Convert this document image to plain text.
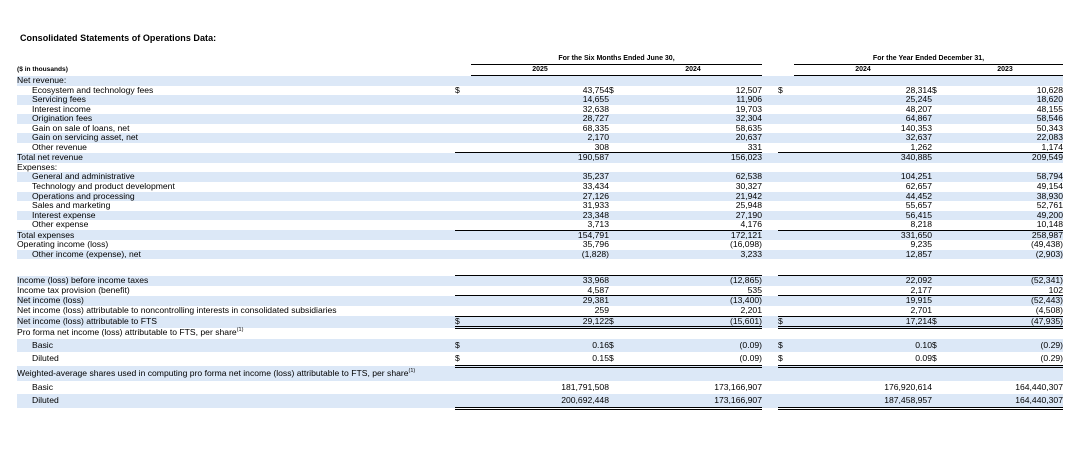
Consolidated Statements of Operations Data:
		For the Six Months Ended June 30,					For the Year Ended December 31,		
($ in thousands)		2025		2024			2024		2023
Net revenue:									
Ecosystem and technology fees	$	43,754	$	12,507		$	28,314	$	10,628
Servicing fees		14,655		11,906			25,245		18,620
Interest income		32,638		19,703			48,207		48,155
Origination fees		28,727		32,304			64,867		58,546
Gain on sale of loans, net		68,335		58,635			140,353		50,343
Gain on servicing asset, net		2,170		20,637			32,637		22,083
Other revenue		308		331			1,262		1,174
Total net revenue		190,587		156,023			340,885		209,549
Expenses:									
General and administrative		35,237		62,538			104,251		58,794
Technology and product development		33,434		30,327			62,657		49,154
Operations and processing		27,126		21,942			44,452		38,930
Sales and marketing		31,933		25,948			55,657		52,761
Interest expense		23,348		27,190			56,415		49,200
Other expense		3,713		4,176			8,218		10,148
Total expenses		154,791		172,121			331,650		258,987
Operating income (loss)		35,796		(16,098)			9,235		(49,438)
Other income (expense), net		(1,828)		3,233			12,857		(2,903)

Income (loss) before income taxes		33,968		(12,865)			22,092		(52,341)
Income tax provision (benefit)		4,587		535			2,177		102
Net income (loss)		29,381		(13,400)			19,915		(52,443)
Net income (loss) attributable to noncontrolling interests in consolidated subsidiaries		259		2,201			2,701		(4,508)
Net income (loss) attributable to FTS	$	29,122	$	(15,601)		$	17,214	$	(47,935)
Pro forma net income (loss) attributable to FTS, per share$^{(1)}$									
Basic	$	0.16	$	(0.09)		$	0.10	$	(0.29)
Diluted	$	0.15	$	(0.09)		$	0.09	$	(0.29)
Weighted-average shares used in computing pro forma net income (loss) attributable to FTS, per share$^{(1)}$									
Basic		181,791,508		173,166,907			176,920,614		164,440,307
Diluted		200,692,448		173,166,907			187,458,957		164,440,307
